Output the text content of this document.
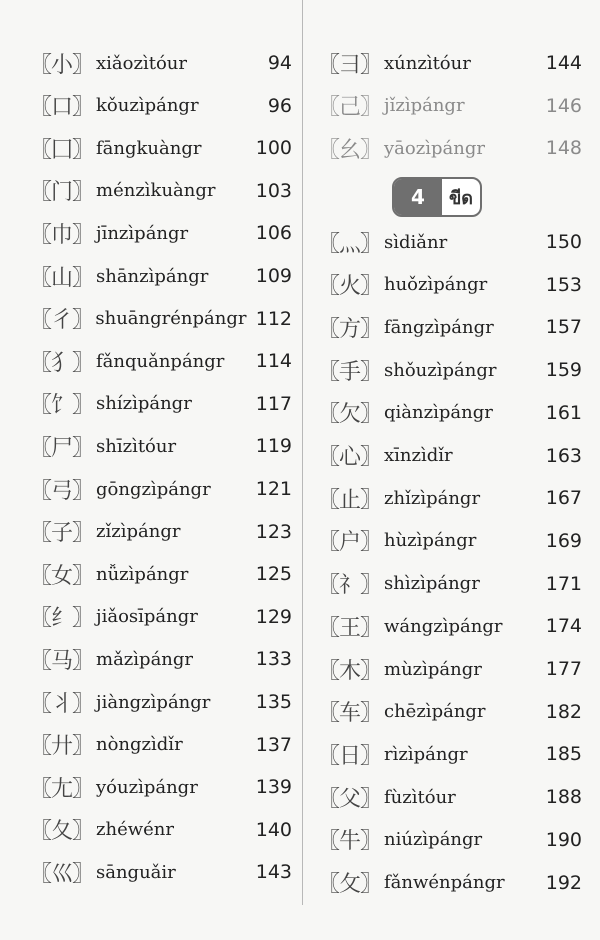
〖小〗 xiǎozìtóur	94
〖口〗 kǒuzìpángr	96
〖囗〗 fāngkuàngr	100
〖门〗 ménzìkuàngr	103
〖巾〗 jīnzìpángr	106
〖山〗 shānzìpángr	109
〖彳〗 shuāngrénpángr 112
〖犭〗 fǎnquǎnpángr	114
〖饣〗 shízìpángr	117
〖尸〗 shīzìtóur	119
〖弓〗 gōngzìpángr	121
〖子〗 zǐzìpángr	123
〖女〗 nǚzìpángr	125
〖纟〗 jiǎosīpángr	129
〖马〗 mǎzìpángr	133
〖丬〗 jiàngzìpángr	135
〖廾〗 nòngzìdǐr	137
〖尢〗 yóuzìpángr	139
〖夂〗 zhéwénr	140
〖巛〗 sānguǎir	143
〖彐〗 xúnzìtóur	144
〖己〗 jǐzìpángr	146
〖幺〗 yāozìpángr	148
〖灬〗 sìdiǎnr	150
〖火〗 huǒzìpángr	153
〖方〗 fāngzìpángr	157
〖手〗 shǒuzìpángr	159
〖欠〗 qiànzìpángr	161
〖心〗 xīnzìdǐr	163
〖止〗 zhǐzìpángr	167
〖户〗 hùzìpángr	169
〖礻〗 shìzìpángr	171
〖王〗 wángzìpángr	174
〖木〗 mùzìpángr	177
〖车〗 chēzìpángr	182
〖日〗 rìzìpángr	185
〖父〗 fùzìtóur	188
〖牛〗 niúzìpángr	190
〖攵〗 fǎnwénpángr	192
4	ขีด
